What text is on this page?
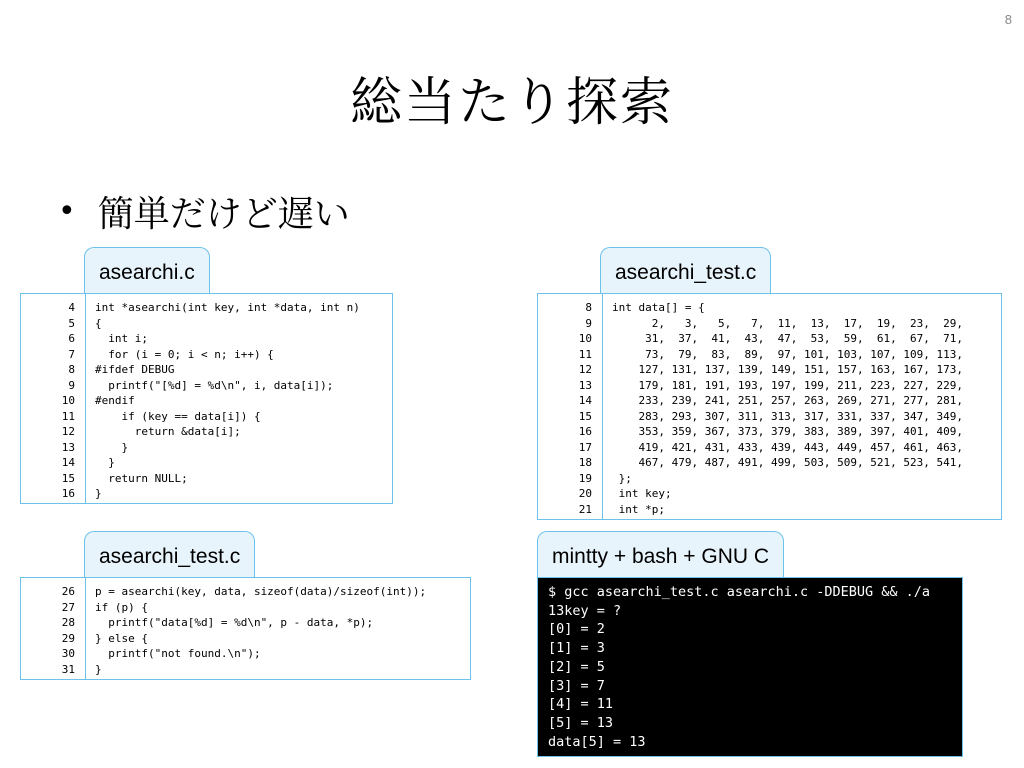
8
総当たり探索
• 簡単だけど遅い
asearchi.c
4
5
6
7
8
9
10
11
12
13
14
15
16
int *asearchi(int key, int *data, int n)
{
int i;
for (i = 0; i < n; i++) {
#ifdef DEBUG
printf("[%d] = %d\n", i, data[i]);
#endif
if (key == data[i]) {
return &data[i];
}
}
return NULL;
}
asearchi_test.c
8
9
10
11
12
13
14
15
16
17
18
19
20
21
int data[] = {
2,   3,   5,   7,  11,  13,  17,  19,  23,  29,
31,  37,  41,  43,  47,  53,  59,  61,  67,  71,
73,  79,  83,  89,  97, 101, 103, 107, 109, 113,
127, 131, 137, 139, 149, 151, 157, 163, 167, 173,
179, 181, 191, 193, 197, 199, 211, 223, 227, 229,
233, 239, 241, 251, 257, 263, 269, 271, 277, 281,
283, 293, 307, 311, 313, 317, 331, 337, 347, 349,
353, 359, 367, 373, 379, 383, 389, 397, 401, 409,
419, 421, 431, 433, 439, 443, 449, 457, 461, 463,
467, 479, 487, 491, 499, 503, 509, 521, 523, 541,
};
int key;
int *p;
asearchi_test.c
26
27
28
29
30
31
p = asearchi(key, data, sizeof(data)/sizeof(int));
if (p) {
printf("data[%d] = %d\n", p - data, *p);
} else {
printf("not found.\n");
}
mintty + bash + GNU C
$ gcc asearchi_test.c asearchi.c -DDEBUG && ./a
13key = ?
[0] = 2
[1] = 3
[2] = 5
[3] = 7
[4] = 11
[5] = 13
data[5] = 13
